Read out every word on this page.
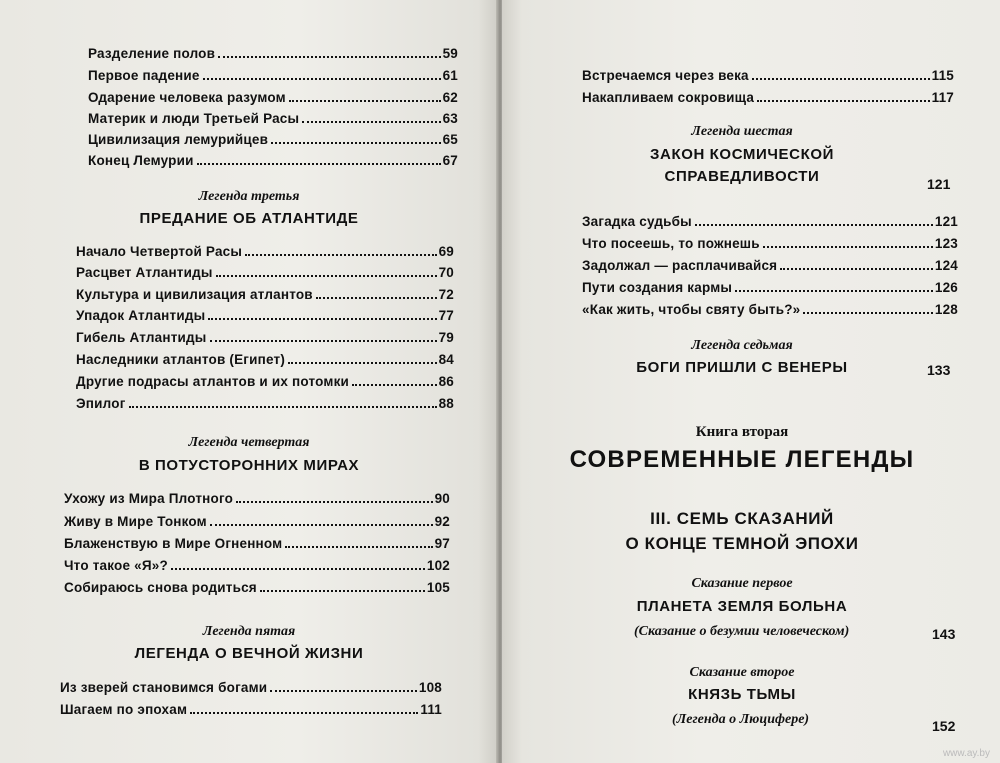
Разделение полов	59
Первое падение	61
Одарение человека разумом	62
Материк и люди Третьей Расы	63
Цивилизация лемурийцев	65
Конец Лемурии	67
Легенда третья
ПРЕДАНИЕ ОБ АТЛАНТИДЕ
Начало Четвертой Расы	69
Расцвет Атлантиды	70
Культура и цивилизация атлантов	72
Упадок Атлантиды	77
Гибель Атлантиды	79
Наследники атлантов (Египет)	84
Другие подрасы атлантов и их потомки	86
Эпилог	88
Легенда четвертая
В ПОТУСТОРОННИХ МИРАХ
Ухожу из Мира Плотного	90
Живу в Мире Тонком	92
Блаженствую в Мире Огненном	97
Что такое «Я»?	102
Собираюсь снова родиться	105
Легенда пятая
ЛЕГЕНДА О ВЕЧНОЙ ЖИЗНИ
Из зверей становимся богами	108
Шагаем по эпохам	111
Встречаемся через века	115
Накапливаем сокровища	117
Легенда шестая
ЗАКОН КОСМИЧЕСКОЙ
СПРАВЕДЛИВОСТИ	121
Загадка судьбы	121
Что посеешь, то пожнешь	123
Задолжал — расплачивайся	124
Пути создания кармы	126
«Как жить, чтобы святу быть?»	128
Легенда седьмая
БОГИ ПРИШЛИ С ВЕНЕРЫ	133
Книга вторая
СОВРЕМЕННЫЕ ЛЕГЕНДЫ
III. СЕМЬ СКАЗАНИЙ
О КОНЦЕ ТЕМНОЙ ЭПОХИ
Сказание первое
ПЛАНЕТА ЗЕМЛЯ БОЛЬНА
(Сказание о безумии человеческом)	143
Сказание второе
КНЯЗЬ ТЬМЫ
(Легенда о Люцифере)	152
www.ay.by
